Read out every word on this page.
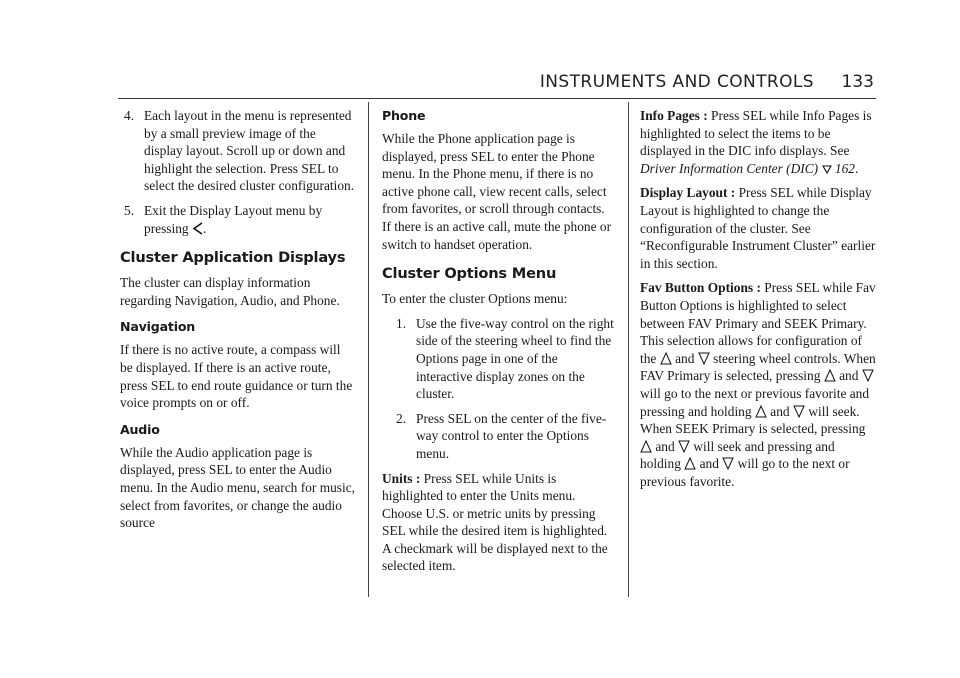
INSTRUMENTS AND CONTROLS 133
4. Each layout in the menu is represented by a small preview image of the display layout. Scroll up or down and highlight the selection. Press SEL to select the desired cluster configuration.
5. Exit the Display Layout menu by pressing .
Cluster Application Displays

The cluster can display information regarding Navigation, Audio, and Phone.

Navigation

If there is no active route, a compass will be displayed. If there is an active route, press SEL to end route guidance or turn the voice prompts on or off.

Audio

While the Audio application page is displayed, press SEL to enter the Audio menu. In the Audio menu, search for music, select from favorites, or change the audio source

Phone

While the Phone application page is displayed, press SEL to enter the Phone menu. In the Phone menu, if there is no active phone call, view recent calls, select from favorites, or scroll through contacts. If there is an active call, mute the phone or switch to handset operation.

Cluster Options Menu

To enter the cluster Options menu:

1. Use the five-way control on the right side of the steering wheel to find the Options page in one of the interactive display zones on the cluster.
2. Press SEL on the center of the five-way control to enter the Options menu.

Units : Press SEL while Units is highlighted to enter the Units menu. Choose U.S. or metric units by pressing SEL while the desired item is highlighted. A checkmark will be displayed next to the selected item.

Info Pages : Press SEL while Info Pages is highlighted to select the items to be displayed in the DIC info displays. See Driver Information Center (DIC) 162.

Display Layout : Press SEL while Display Layout is highlighted to change the configuration of the cluster. See “Reconfigurable Instrument Cluster” earlier in this section.

Fav Button Options : Press SEL while Fav Button Options is highlighted to select between FAV Primary and SEEK Primary. This selection allows for configuration of the
and
steering wheel controls. When FAV Primary is selected, pressing
and
will go to the next or previous favorite and pressing and holding
and
will seek. When SEEK Primary is selected, pressing
and
will seek and pressing and holding
and
will go to the next or previous favorite.
